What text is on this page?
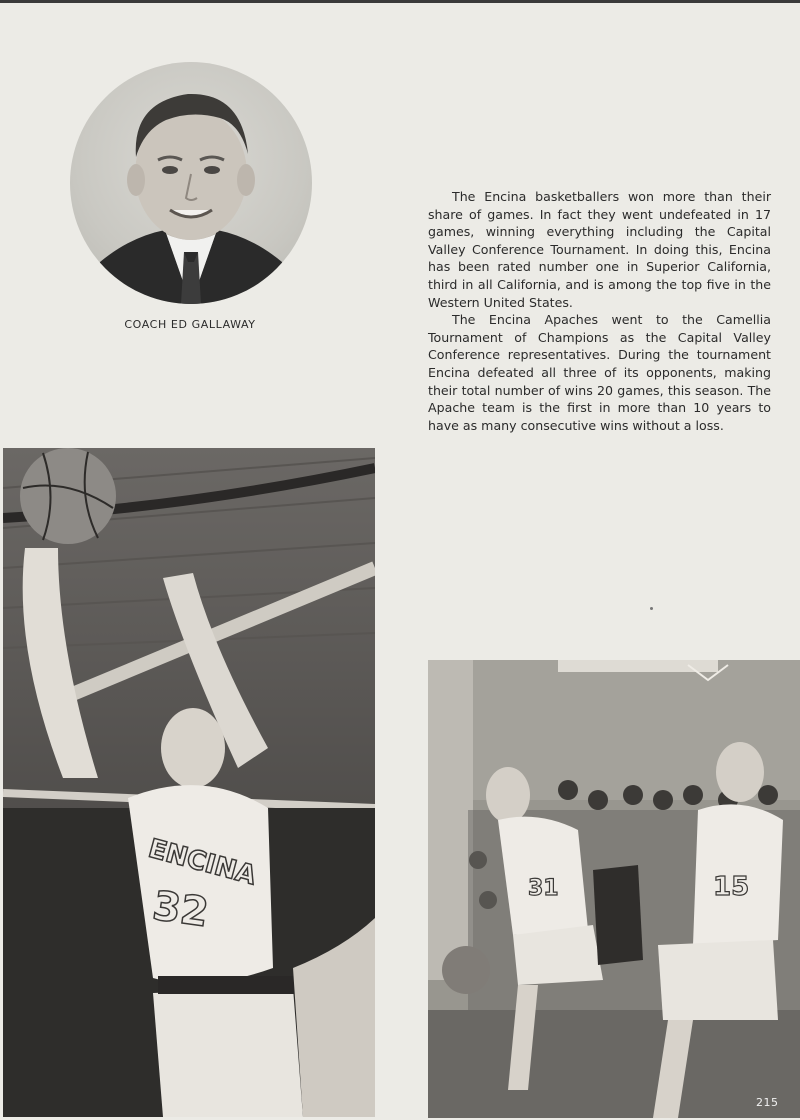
COACH ED GALLAWAY

The Encina basketballers won more than their share of games. In fact they went undefeated in 17 games, winning everything including the Capital Valley Conference Tournament. In doing this, Encina has been rated number one in Superior California, third in all California, and is among the top five in the Western United States.

The Encina Apaches went to the Camellia Tournament of Champions as the Capital Valley Conference representatives. During the tournament Encina defeated all three of its opponents, making their total number of wins 20 games, this season. The Apache team is the first in more than 10 years to have as many consecutive wins without a loss.

ENCINA
32	31	15
215
